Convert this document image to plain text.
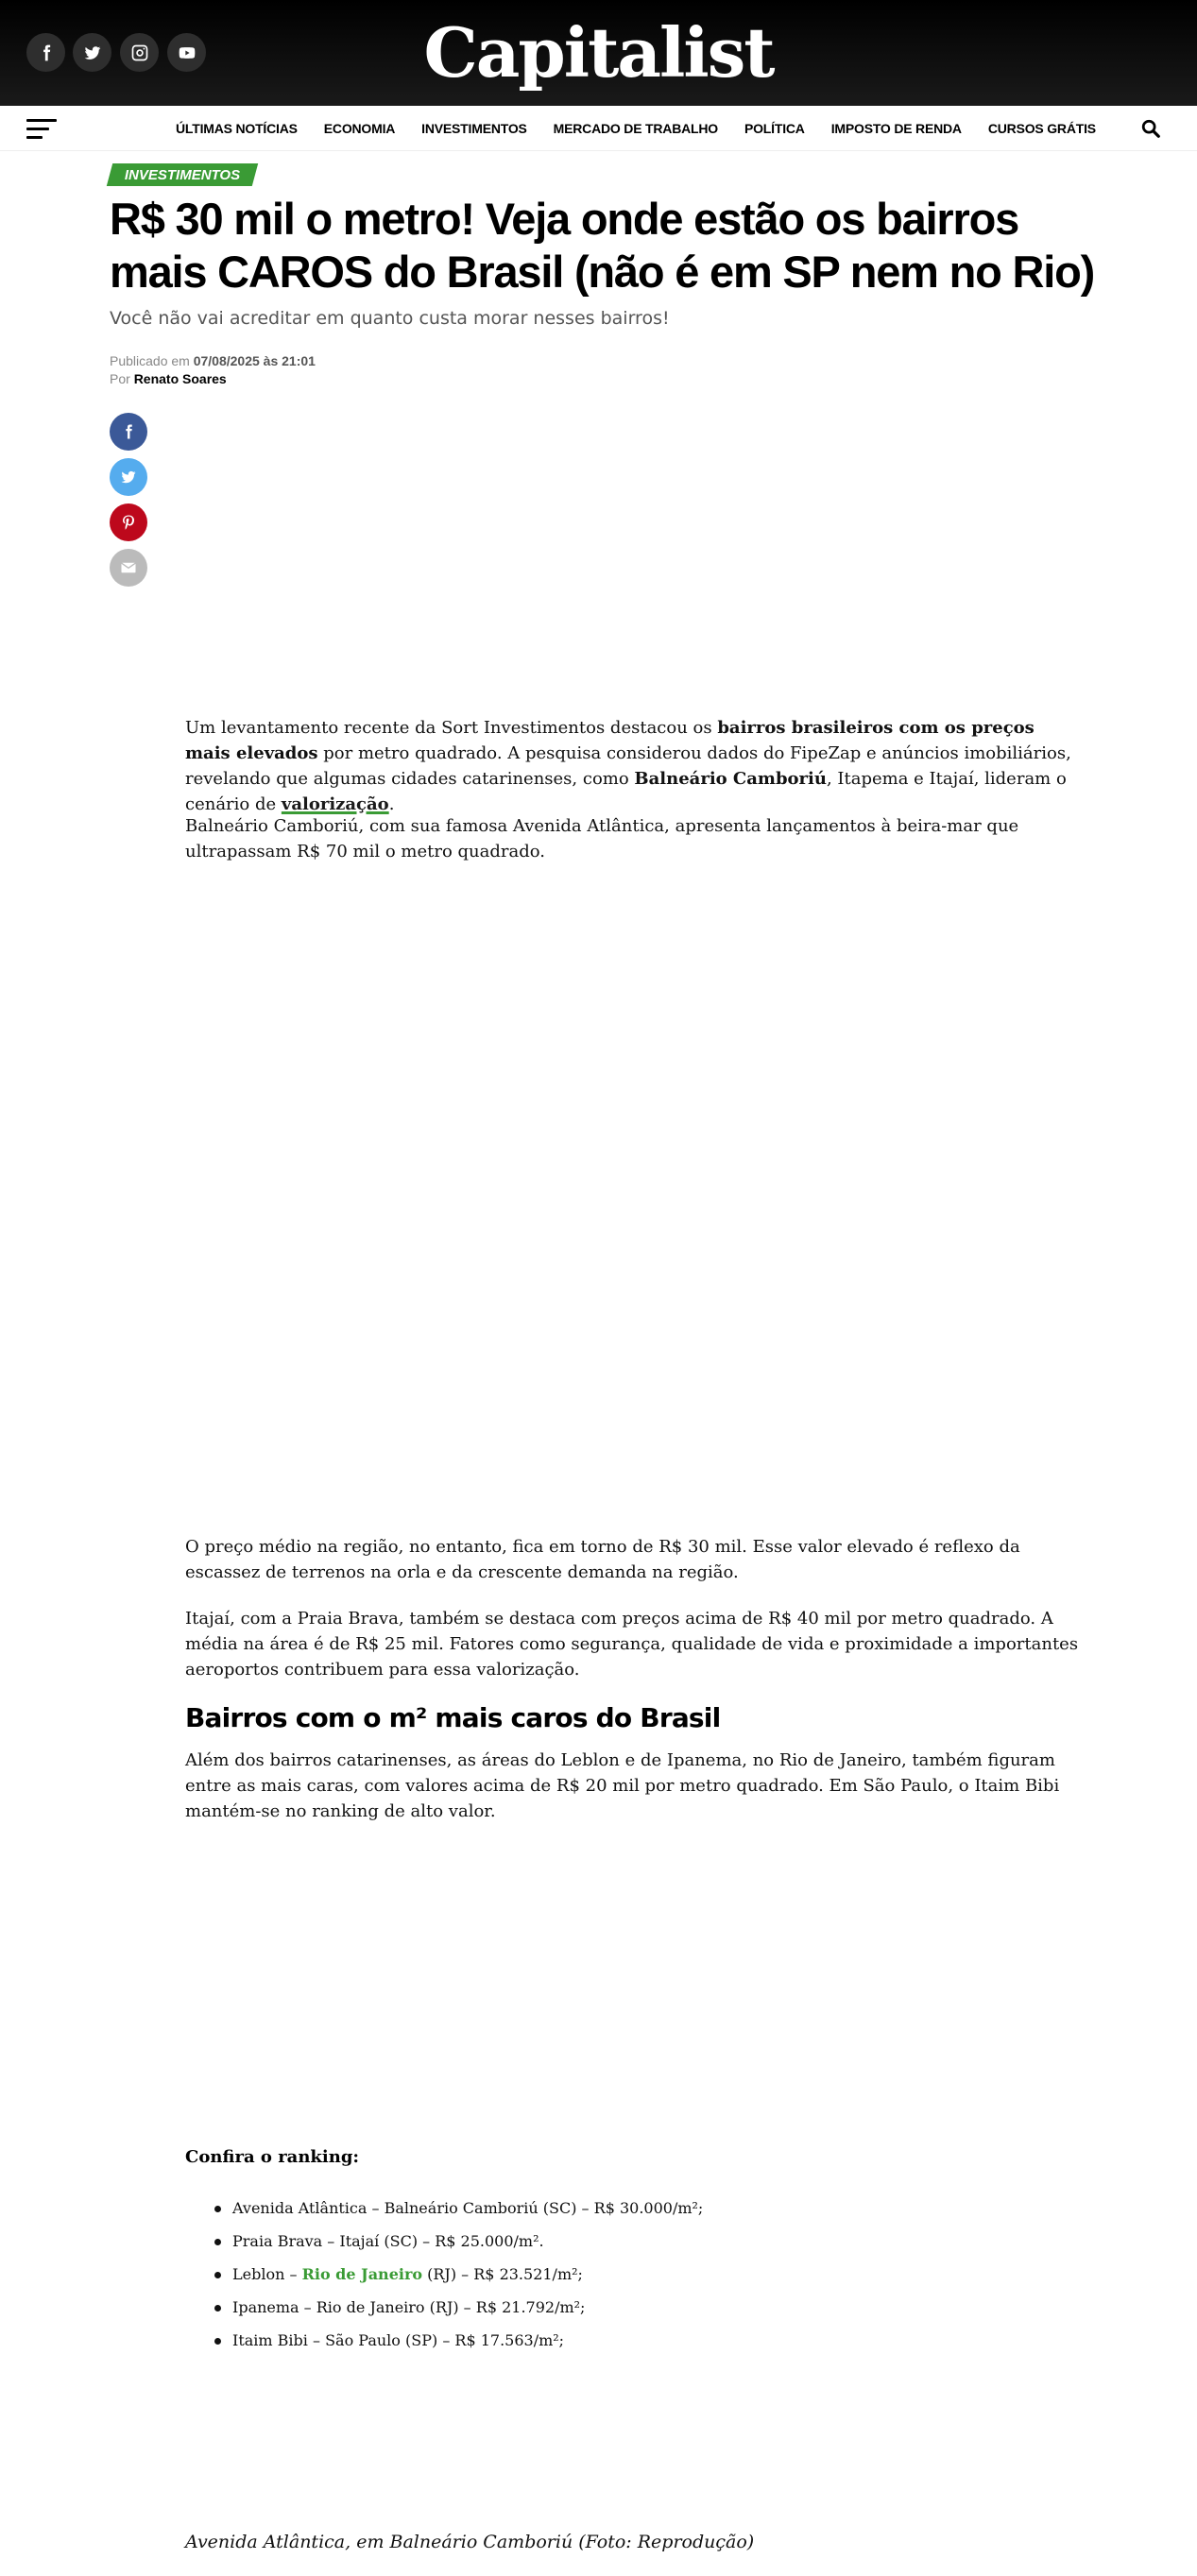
Capitalist
ÚLTIMAS NOTÍCIAS ECONOMIA INVESTIMENTOS MERCADO DE TRABALHO POLÍTICA IMPOSTO DE RENDA CURSOS GRÁTIS
INVESTIMENTOS
R$ 30 mil o metro! Veja onde estão os bairros mais CAROS do Brasil (não é em SP nem no Rio)
Você não vai acreditar em quanto custa morar nesses bairros!
Publicado em 07/08/2025 às 21:01
Por Renato Soares

Um levantamento recente da Sort Investimentos destacou os bairros brasileiros com os preços mais elevados por metro quadrado. A pesquisa considerou dados do FipeZap e anúncios imobiliários, revelando que algumas cidades catarinenses, como Balneário Camboriú, Itapema e Itajaí, lideram o cenário de valorização.

Balneário Camboriú, com sua famosa Avenida Atlântica, apresenta lançamentos à beira-mar que ultrapassam R$ 70 mil o metro quadrado.

O preço médio na região, no entanto, fica em torno de R$ 30 mil. Esse valor elevado é reflexo da escassez de terrenos na orla e da crescente demanda na região.

Itajaí, com a Praia Brava, também se destaca com preços acima de R$ 40 mil por metro quadrado. A média na área é de R$ 25 mil. Fatores como segurança, qualidade de vida e proximidade a importantes aeroportos contribuem para essa valorização.

Bairros com o m² mais caros do Brasil

Além dos bairros catarinenses, as áreas do Leblon e de Ipanema, no Rio de Janeiro, também figuram entre as mais caras, com valores acima de R$ 20 mil por metro quadrado. Em São Paulo, o Itaim Bibi mantém-se no ranking de alto valor.

Confira o ranking:
Avenida Atlântica – Balneário Camboriú (SC) – R$ 30.000/m²;
Praia Brava – Itajaí (SC) – R$ 25.000/m².
Leblon – Rio de Janeiro (RJ) – R$ 23.521/m²;
Ipanema – Rio de Janeiro (RJ) – R$ 21.792/m²;
Itaim Bibi – São Paulo (SP) – R$ 17.563/m²;
Avenida Atlântica, em Balneário Camboriú (Foto: Reprodução)
